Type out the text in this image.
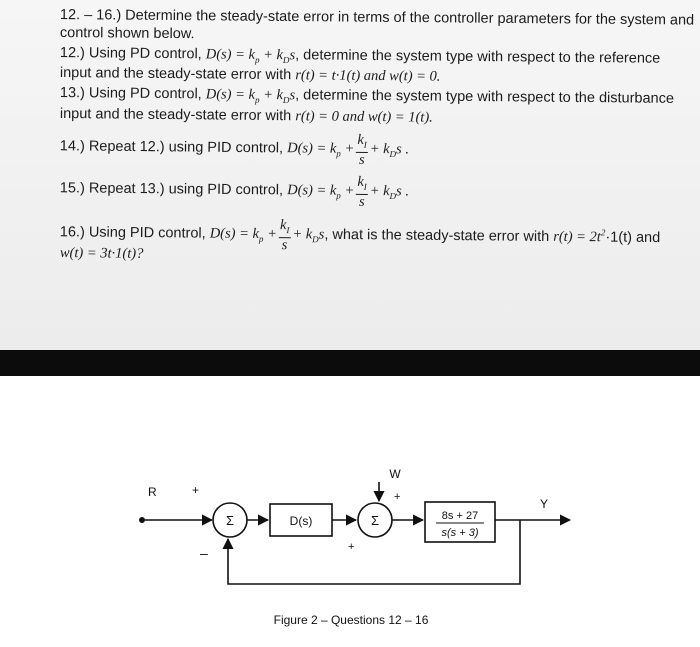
12. – 16.) Determine the steady-state error in terms of the controller parameters for the system and
control shown below.
12.) Using PD control, $D(s) = k_p + k_Ds$, determine the system type with respect to the reference
input and the steady-state error with r(t) = t·1(t) and w(t) = 0.
13.) Using PD control, $D(s) = k_p + k_Ds$, determine the system type with respect to the disturbance
input and the steady-state error with r(t) = 0 and w(t) = 1(t).
14.) Repeat 12.) using PID control, $D(s) = k_p + \frac{k_I}{s} + k_Ds$ .
15.) Repeat 13.) using PID control, $D(s) = k_p + \frac{k_I}{s} + k_Ds$ .
16.) Using PID control, $D(s) = k_p + \frac{k_I}{s} + k_Ds$, what is the steady-state error with $r(t) = 2t^2\cdot 1(t)$ and
w(t) = 3t·1(t)?
R	+
Σ
–
D(s)	Σ
W
+
+
8s + 27
s(s + 3)
Y
Figure 2 – Questions 12 – 16
